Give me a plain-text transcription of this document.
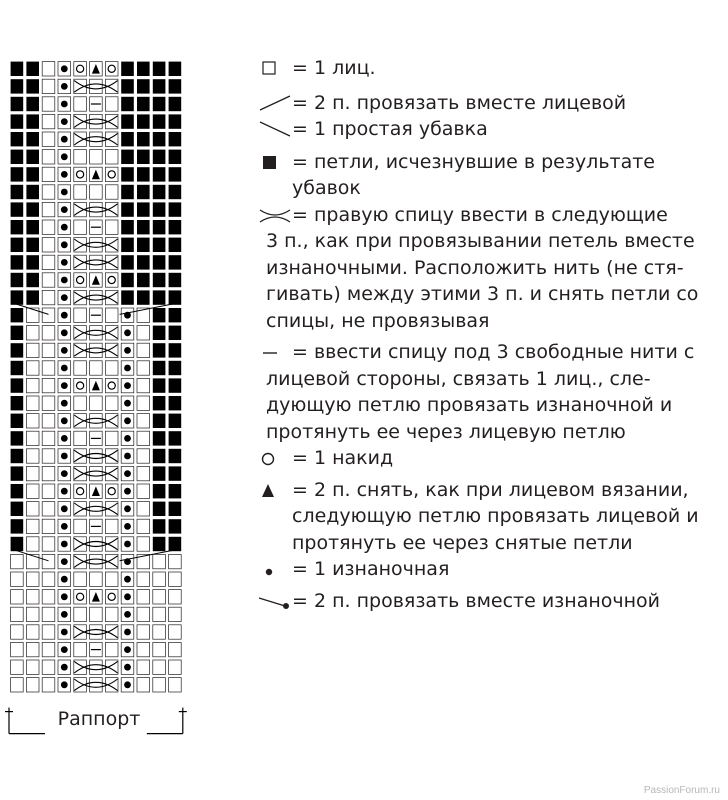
Раппорт
= 1 лиц.
= 2 п. провязать вместе лицевой
= 1 простая убавка
= петли, исчезнувшие в результате
убавок
= правую спицу ввести в следующие
3 п., как при провязывании петель вместе
изнаночными. Расположить нить (не стя-
гивать) между этими 3 п. и снять петли со
спицы, не провязывая
= ввести спицу под 3 свободные нити с
лицевой стороны, связать 1 лиц., сле-
дующую петлю провязать изнаночной и
протянуть ее через лицевую петлю
= 1 накид
= 2 п. снять, как при лицевом вязании,
следующую петлю провязать лицевой и
протянуть ее через снятые петли
= 1 изнаночная
= 2 п. провязать вместе изнаночной
PassionForum.ru
